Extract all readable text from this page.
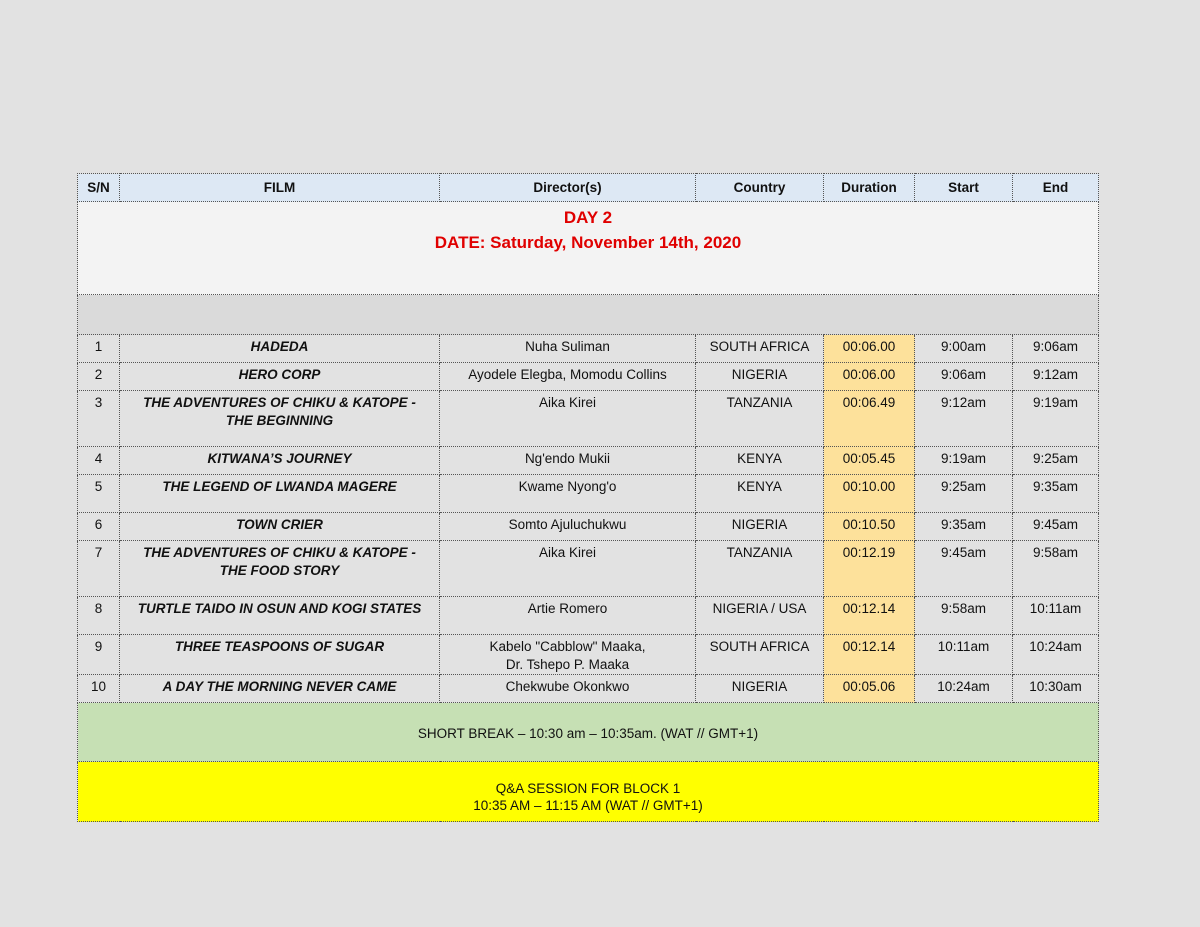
DAY 2
DATE: Saturday, November 14th, 2020						

S/N	FILM	Director(s)	Country	Duration	Start	End
1	HADEDA	Nuha Suliman	SOUTH AFRICA	00:06.00	9:00am	9:06am
2	HERO CORP	Ayodele Elegba, Momodu Collins	NIGERIA	00:06.00	9:06am	9:12am
3	THE ADVENTURES OF CHIKU & KATOPE - THE BEGINNING	Aika Kirei	TANZANIA	00:06.49	9:12am	9:19am
4	KITWANA’S JOURNEY	Ng'endo Mukii	KENYA	00:05.45	9:19am	9:25am
5	THE LEGEND OF LWANDA MAGERE	Kwame Nyong'o	KENYA	00:10.00	9:25am	9:35am
6	TOWN CRIER	Somto Ajuluchukwu	NIGERIA	00:10.50	9:35am	9:45am
7	THE ADVENTURES OF CHIKU & KATOPE - THE FOOD STORY	Aika Kirei	TANZANIA	00:12.19	9:45am	9:58am
8	TURTLE TAIDO IN OSUN AND KOGI STATES	Artie Romero	NIGERIA / USA	00:12.14	9:58am	10:11am
9	THREE TEASPOONS OF SUGAR	Kabelo "Cabblow" Maaka,
Dr. Tshepo P. Maaka	SOUTH AFRICA	00:12.14	10:11am	10:24am
10	A DAY THE MORNING NEVER CAME	Chekwube Okonkwo	NIGERIA	00:05.06	10:24am	10:30am
SHORT BREAK – 10:30 am – 10:35am. (WAT // GMT+1)						

Q&A SESSION FOR BLOCK 1
10:35 AM – 11:15 AM (WAT // GMT+1)						
